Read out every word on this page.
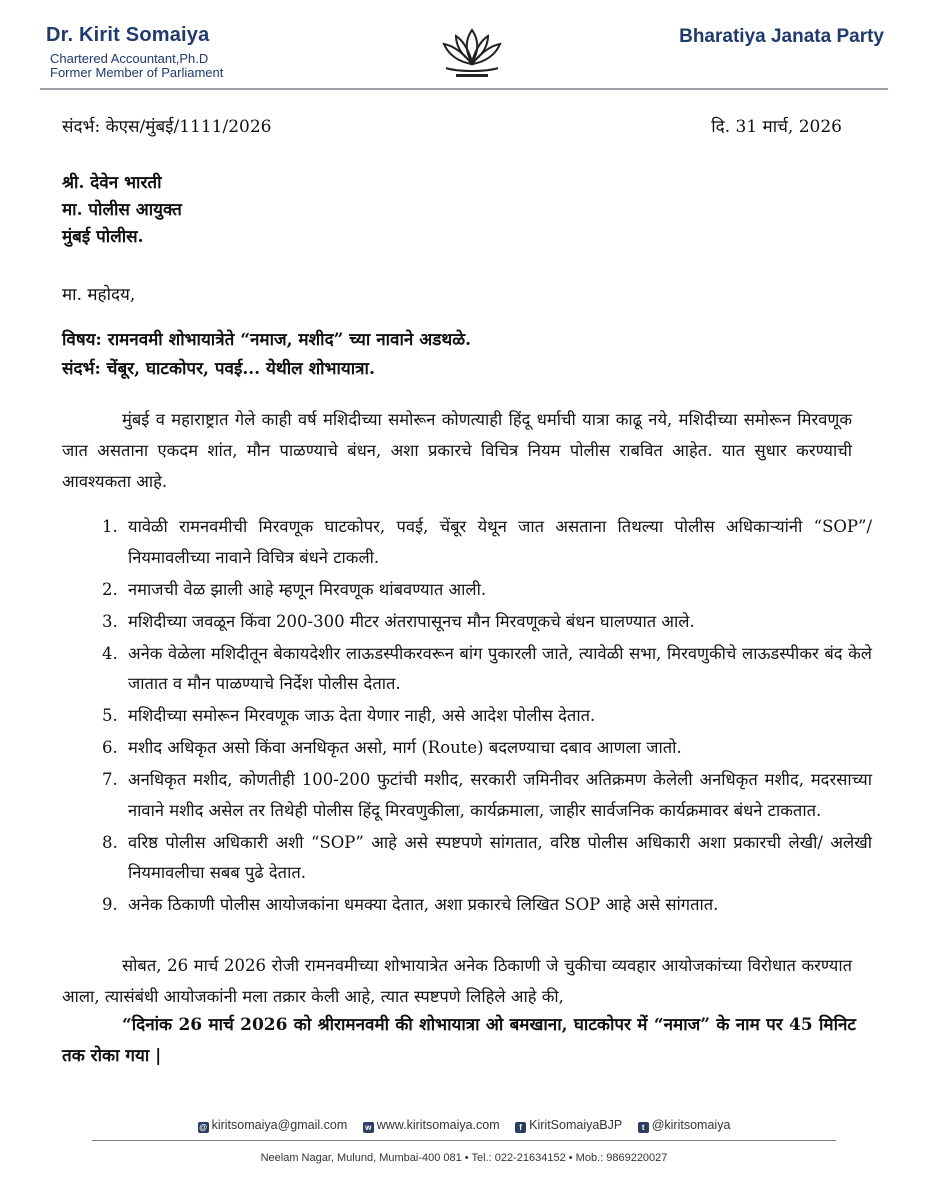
Dr. Kirit Somaiya
Chartered Accountant,Ph.D
Former Member of Parliament
Bharatiya Janata Party
संदर्भ: केएस/मुंबई/1111/2026	दि. 31 मार्च, 2026
श्री. देवेन भारती
मा. पोलीस आयुक्त
मुंबई पोलीस.
मा. महोदय,
विषय: रामनवमी शोभायात्रेते “नमाज, मशीद” च्या नावाने अडथळे.
संदर्भ: चेंबूर, घाटकोपर, पवई... येथील शोभायात्रा.

मुंबई व महाराष्ट्रात गेले काही वर्ष मशिदीच्या समोरून कोणत्याही हिंदू धर्माची यात्रा काढू नये, मशिदीच्या समोरून मिरवणूक जात असताना एकदम शांत, मौन पाळण्याचे बंधन, अशा प्रकारचे विचित्र नियम पोलीस राबवित आहेत. यात सुधार करण्याची आवश्यकता आहे.

1. यावेळी रामनवमीची मिरवणूक घाटकोपर, पवई, चेंबूर येथून जात असताना तिथल्या पोलीस अधिकाऱ्यांनी “SOP”/ नियमावलीच्या नावाने विचित्र बंधने टाकली.
2. नमाजची वेळ झाली आहे म्हणून मिरवणूक थांबवण्यात आली.
3. मशिदीच्या जवळून किंवा 200-300 मीटर अंतरापासूनच मौन मिरवणूकचे बंधन घालण्यात आले.
4. अनेक वेळेला मशिदीतून बेकायदेशीर लाऊडस्पीकरवरून बांग पुकारली जाते, त्यावेळी सभा, मिरवणुकीचे लाऊडस्पीकर बंद केले जातात व मौन पाळण्याचे निर्देश पोलीस देतात.
5. मशिदीच्या समोरून मिरवणूक जाऊ देता येणार नाही, असे आदेश पोलीस देतात.
6. मशीद अधिकृत असो किंवा अनधिकृत असो, मार्ग (Route) बदलण्याचा दबाव आणला जातो.
7. अनधिकृत मशीद, कोणतीही 100-200 फुटांची मशीद, सरकारी जमिनीवर अतिक्रमण केलेली अनधिकृत मशीद, मदरसाच्या नावाने मशीद असेल तर तिथेही पोलीस हिंदू मिरवणुकीला, कार्यक्रमाला, जाहीर सार्वजनिक कार्यक्रमावर बंधने टाकतात.
8. वरिष्ठ पोलीस अधिकारी अशी “SOP” आहे असे स्पष्टपणे सांगतात, वरिष्ठ पोलीस अधिकारी अशा प्रकारची लेखी/ अलेखी नियमावलीचा सबब पुढे देतात.
9. अनेक ठिकाणी पोलीस आयोजकांना धमक्या देतात, अशा प्रकारचे लिखित SOP आहे असे सांगतात.

सोबत, 26 मार्च 2026 रोजी रामनवमीच्या शोभायात्रेत अनेक ठिकाणी जे चुकीचा व्यवहार आयोजकांच्या विरोधात करण्यात आला, त्यासंबंधी आयोजकांनी मला तक्रार केली आहे, त्यात स्पष्टपणे लिहिले आहे की,

“दिनांक 26 मार्च 2026 को श्रीरामनवमी की शोभायात्रा ओ बमखाना, घाटकोपर में “नमाज” के नाम पर 45 मिनिट तक रोका गया |

@ kiritsomaiya@gmail.com w www.kiritsomaiya.com f KiritSomaiyaBJP t @kiritsomaiya
Neelam Nagar, Mulund, Mumbai-400 081 • Tel.: 022-21634152 • Mob.: 9869220027
